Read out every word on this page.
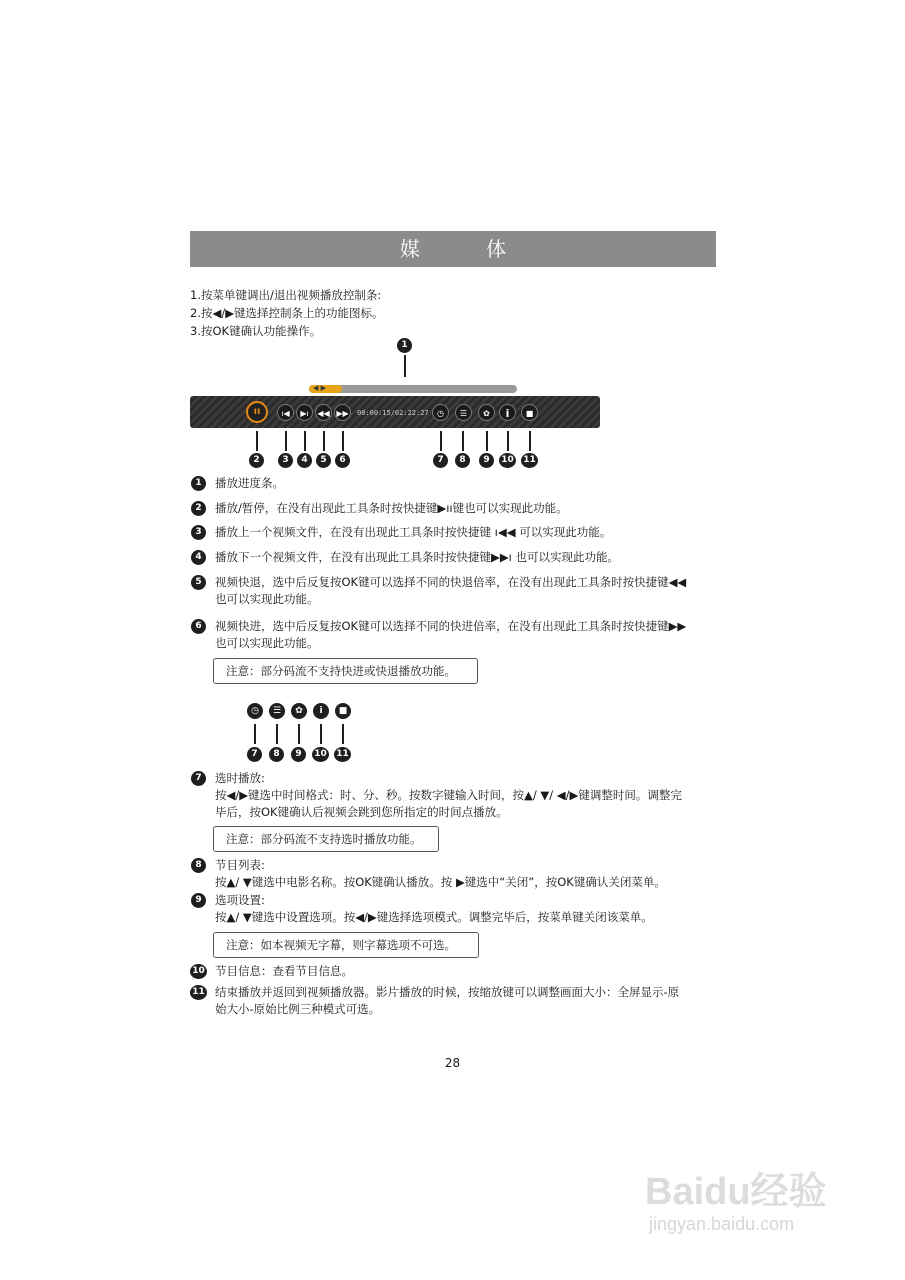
媒 体
1.按菜单键调出/退出视频播放控制条:
2.按◀/▶键选择控制条上的功能图标。
3.按OK键确认功能操作。
1
◀ ▶
ıı	ı◀	▶ı	◀◀ ▶▶	00:00:15/02:22:27	◷	☰	✿	i	■
2	3	4	5	6	7	8	9	10 11
1	播放进度条。
2	播放/暂停，在没有出现此工具条时按快捷键▶ıı键也可以实现此功能。
3	播放上一个视频文件，在没有出现此工具条时按快捷键 ı◀◀ 可以实现此功能。
4	播放下一个视频文件，在没有出现此工具条时按快捷键▶▶ı 也可以实现此功能。
5	视频快退，选中后反复按OK键可以选择不同的快退倍率，在没有出现此工具条时按快捷键◀◀
也可以实现此功能。
6	视频快进，选中后反复按OK键可以选择不同的快进倍率，在没有出现此工具条时按快捷键▶▶
也可以实现此功能。
注意：部分码流不支持快进或快退播放功能。
◷	☰	✿	i	■
7	8	9	10 11
7	选时播放:
按◀/▶键选中时间格式：时、分、秒。按数字键输入时间，按▲/ ▼/ ◀/▶键调整时间。调整完
毕后，按OK键确认后视频会跳到您所指定的时间点播放。
注意：部分码流不支持选时播放功能。
8	节目列表:
按▲/ ▼键选中电影名称。按OK键确认播放。按 ▶键选中“关闭”，按OK键确认关闭菜单。
9	选项设置:
按▲/ ▼键选中设置选项。按◀/▶键选择选项模式。调整完毕后，按菜单键关闭该菜单。
注意：如本视频无字幕，则字幕选项不可选。
10 节目信息：查看节目信息。
11 结束播放并返回到视频播放器。影片播放的时候，按缩放键可以调整画面大小：全屏显示-原
始大小-原始比例三种模式可选。
28
Baidu经验
jingyan.baidu.com
